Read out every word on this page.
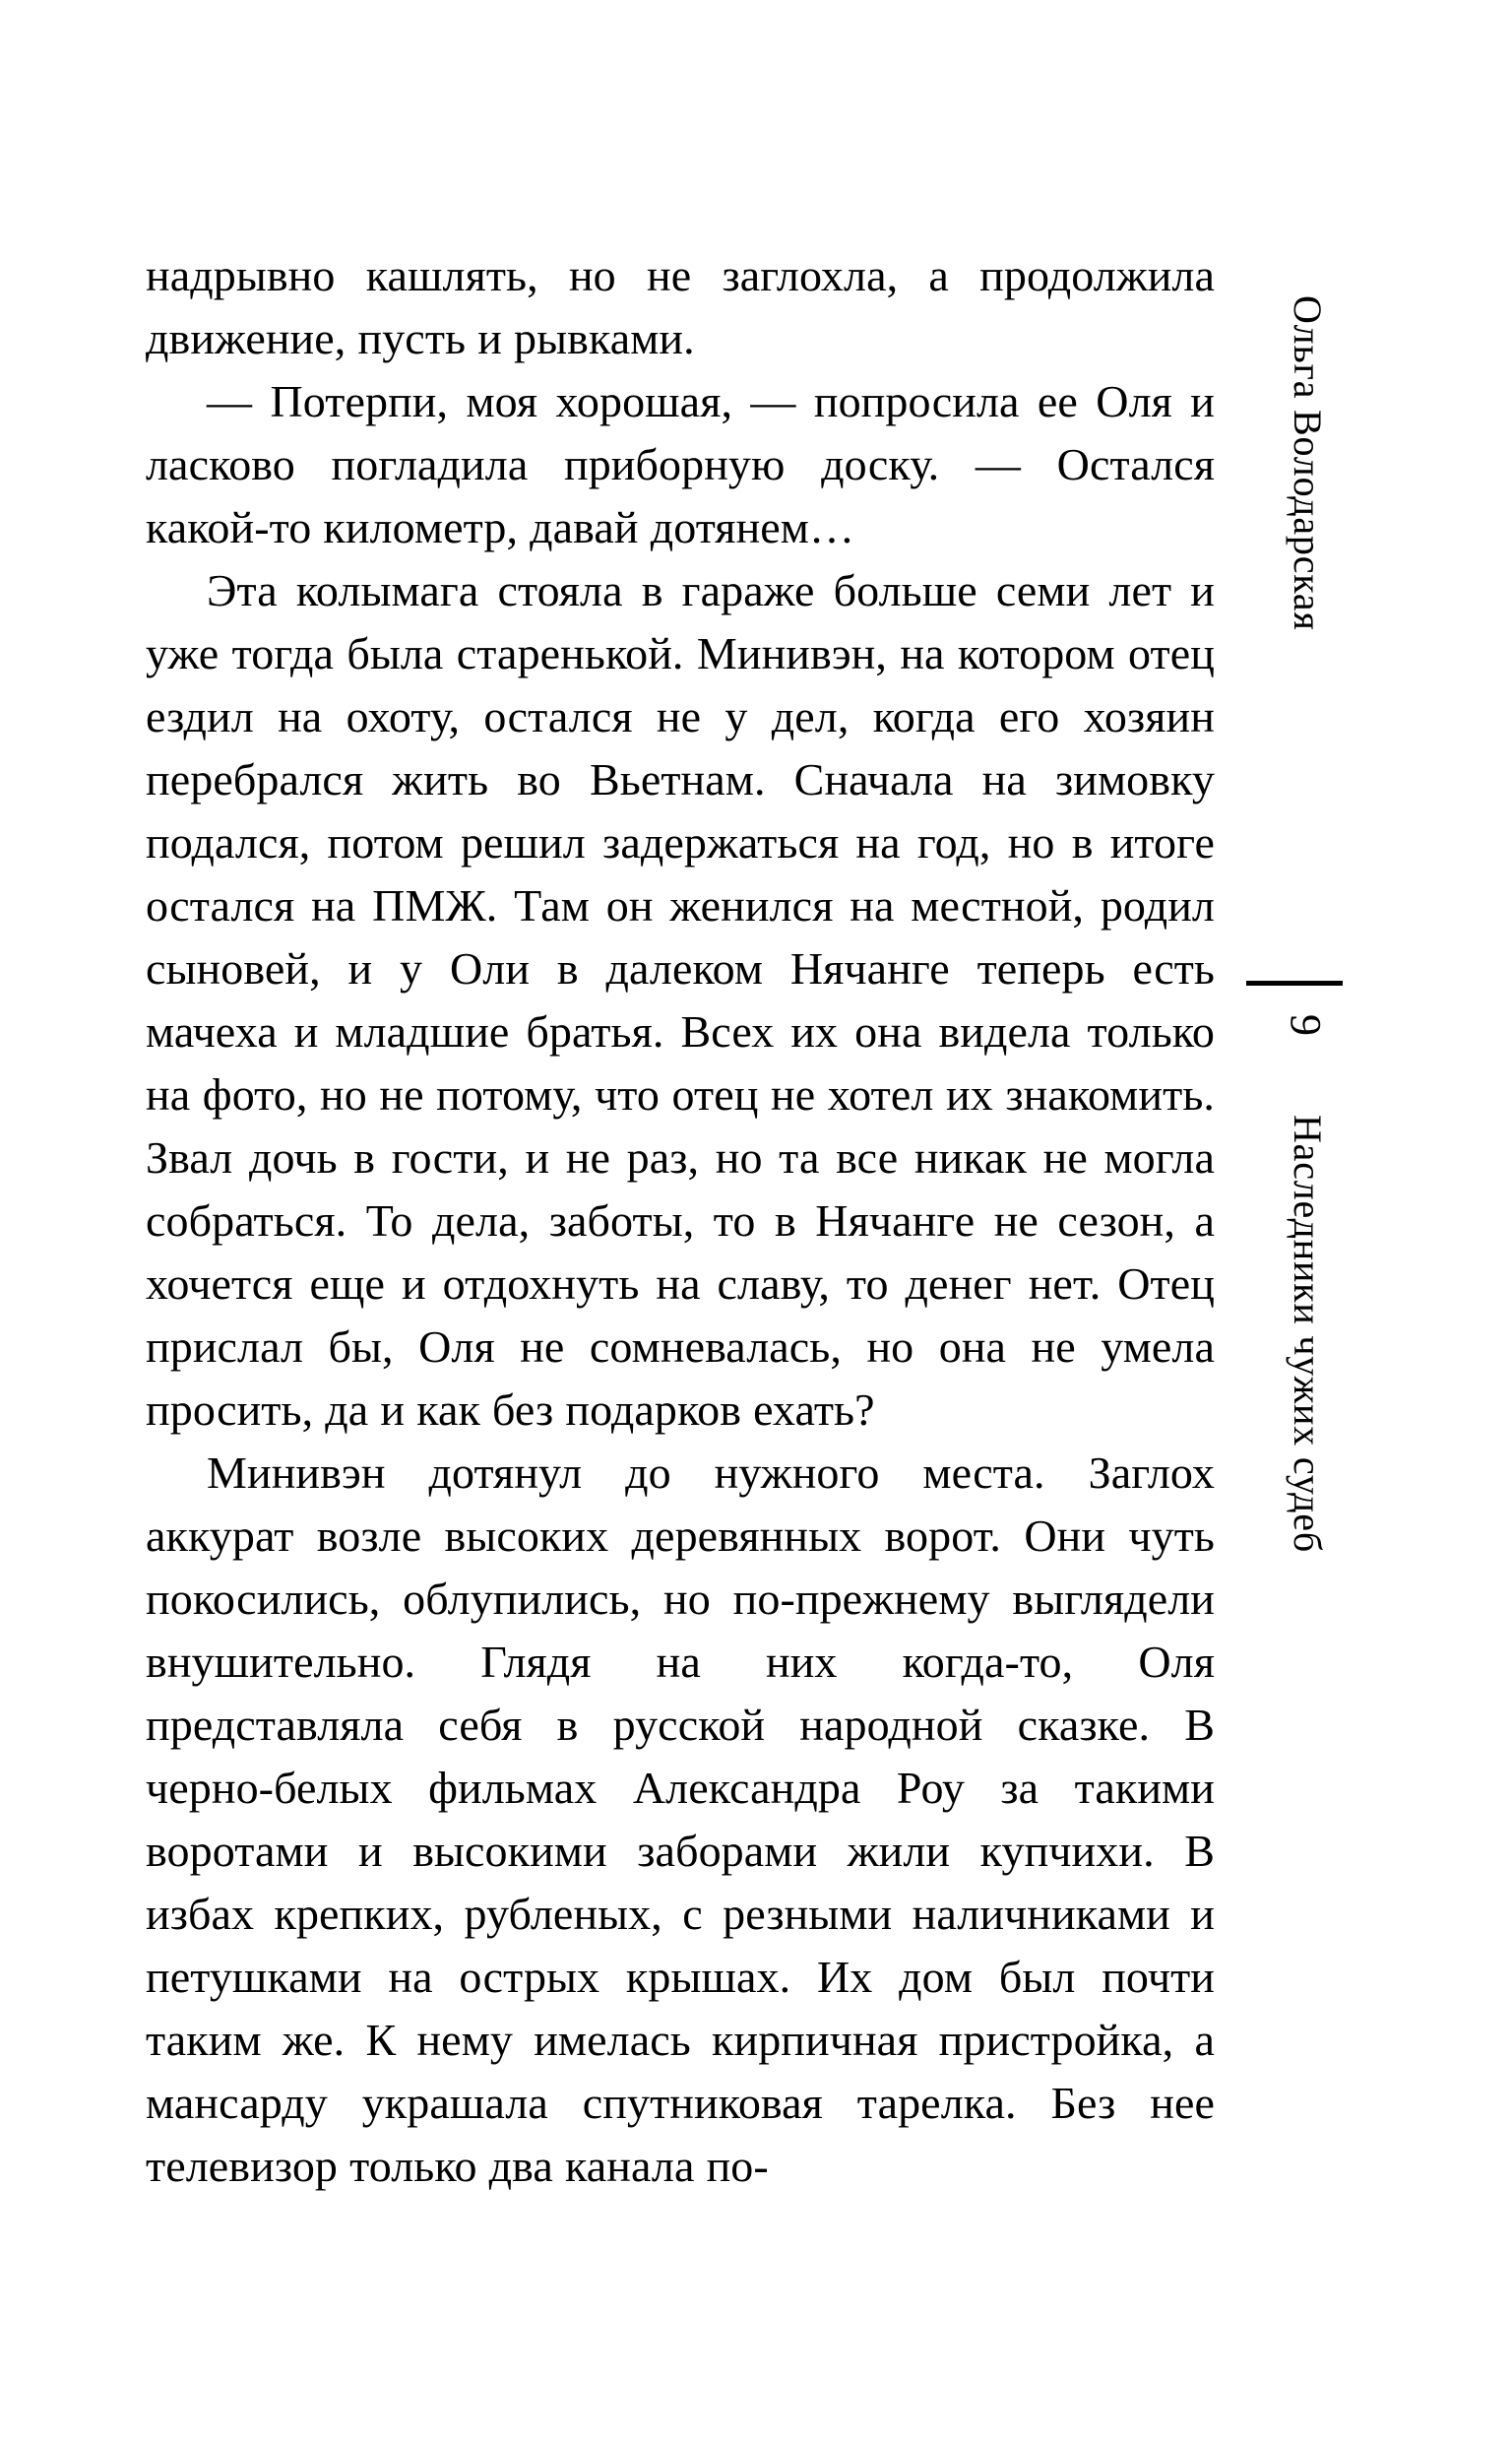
надрывно кашлять, но не заглохла, а продолжила движение, пусть и рывками.

— Потерпи, моя хорошая, — попросила ее Оля и ласково погладила приборную доску. — Остался какой-то километр, давай дотянем…

Эта колымага стояла в гараже больше семи лет и уже тогда была старенькой. Минивэн, на котором отец ездил на охоту, остался не у дел, когда его хозяин перебрался жить во Вьетнам. Сначала на зимовку подался, потом решил задержаться на год, но в итоге остался на ПМЖ. Там он женился на местной, родил сыновей, и у Оли в далеком Нячанге теперь есть мачеха и младшие братья. Всех их она видела только на фото, но не потому, что отец не хотел их знакомить. Звал дочь в гости, и не раз, но та все никак не могла собраться. То дела, заботы, то в Нячанге не сезон, а хочется еще и отдохнуть на славу, то денег нет. Отец прислал бы, Оля не сомневалась, но она не умела просить, да и как без подарков ехать?

Минивэн дотянул до нужного места. Заглох аккурат возле высоких деревянных ворот. Они чуть покосились, облупились, но по-прежнему выглядели внушительно. Глядя на них когда-то, Оля представляла себя в русской народной сказке. В черно-белых фильмах Александра Роу за такими воротами и высокими заборами жили купчихи. В избах крепких, рубленых, с резными наличниками и петушками на острых крышах. Их дом был почти таким же. К нему имелась кирпичная пристройка, а мансарду украшала спутниковая тарелка. Без нее телевизор только два канала по-

Ольга Володарская
9
Наследники чужих судеб
